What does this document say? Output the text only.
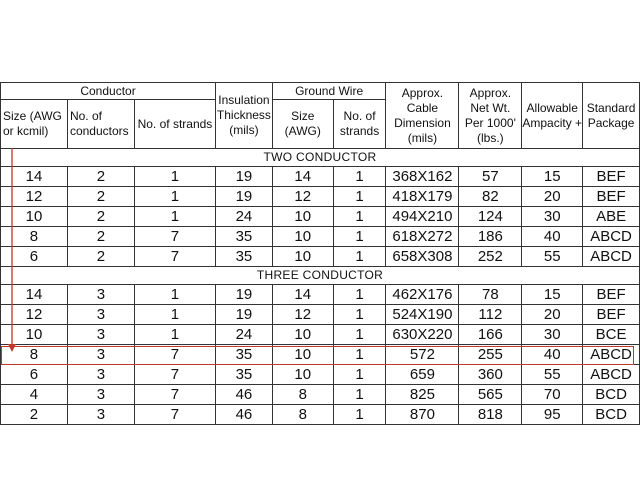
Conductor			Insulation Thickness (mils)	Ground Wire		Approx. Cable Dimension (mils)	Approx. Net Wt. Per 1000' (lbs.)	Allowable Ampacity +	Standard Package
Size (AWG or kcmil)	No. of conductors	No. of strands		Size (AWG)	No. of strands				
TWO CONDUCTOR									
14	2	1	19	14	1	368X162	57	15	BEF
12	2	1	19	12	1	418X179	82	20	BEF
10	2	1	24	10	1	494X210	124	30	ABE
8	2	7	35	10	1	618X272	186	40	ABCD
6	2	7	35	10	1	658X308	252	55	ABCD
THREE CONDUCTOR									
14	3	1	19	14	1	462X176	78	15	BEF
12	3	1	19	12	1	524X190	112	20	BEF
10	3	1	24	10	1	630X220	166	30	BCE
8	3	7	35	10	1	572	255	40	ABCD
6	3	7	35	10	1	659	360	55	ABCD
4	3	7	46	8	1	825	565	70	BCD
2	3	7	46	8	1	870	818	95	BCD
